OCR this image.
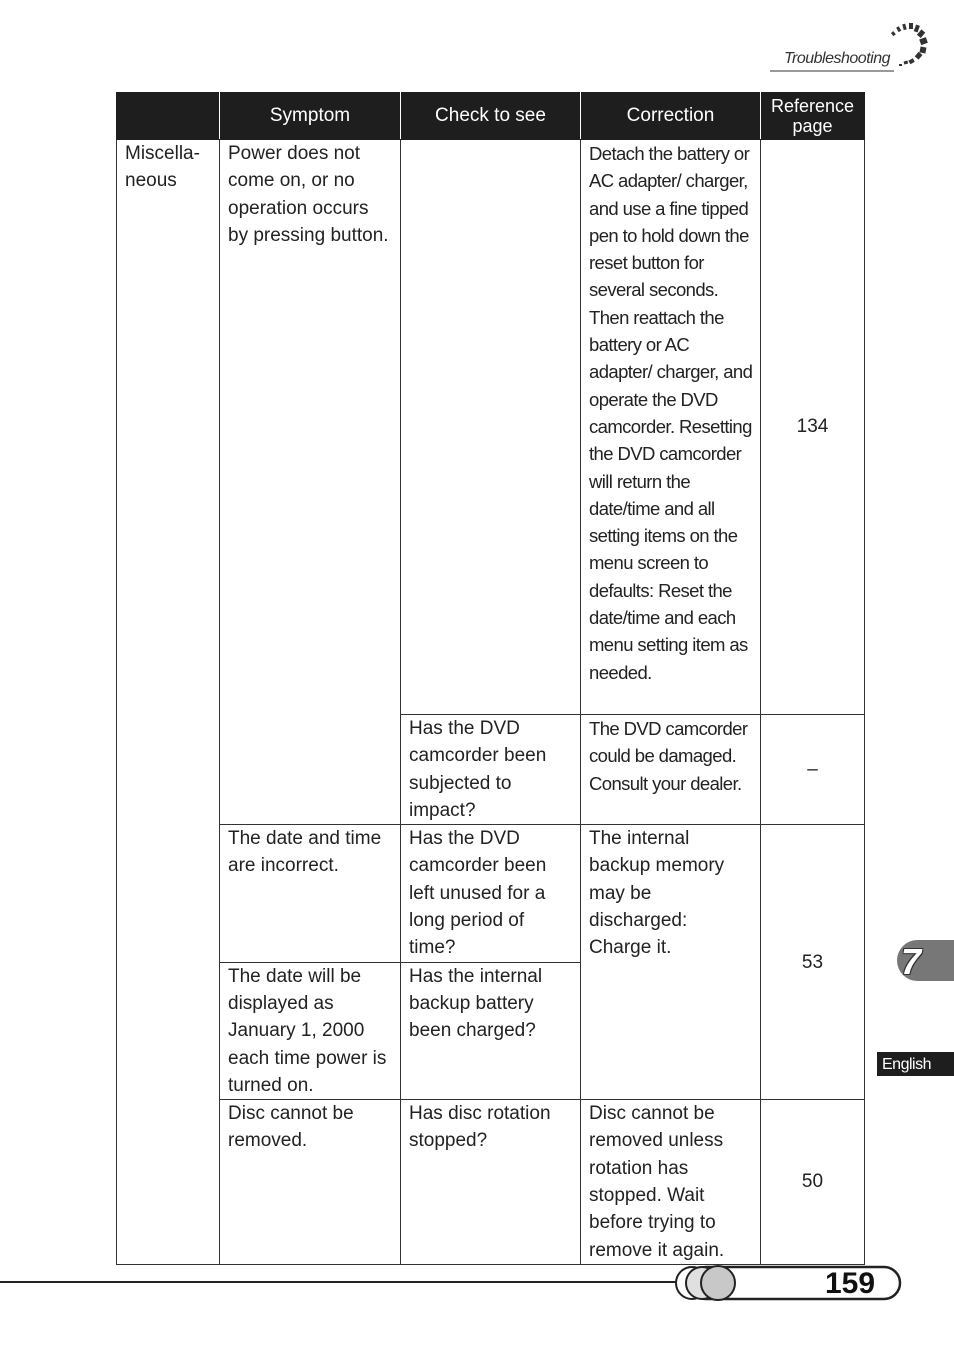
Troubleshooting
	Symptom	Check to see	Correction	Reference page
Miscella-
neous	Power does not come on, or no operation occurs by pressing button.		Detach the battery or AC adapter/ charger, and use a fine tipped pen to hold down the reset button for several seconds. Then reattach the battery or AC adapter/ charger, and operate the DVD camcorder. Resetting the DVD camcorder will return the date/time and all setting items on the menu screen to defaults: Reset the date/time and each menu setting item as needed.	134
		Has the DVD camcorder been subjected to impact?	The DVD camcorder could be damaged. Consult your dealer.	–
	The date and time are incorrect.	Has the DVD camcorder been left unused for a long period of time?	The internal backup memory may be discharged: Charge it.	53
	The date will be displayed as January 1, 2000 each time power is turned on.	Has the internal backup battery been charged?		
	Disc cannot be removed.	Has disc rotation stopped?	Disc cannot be removed unless rotation has stopped. Wait before trying to remove it again.	50
7
English
159
